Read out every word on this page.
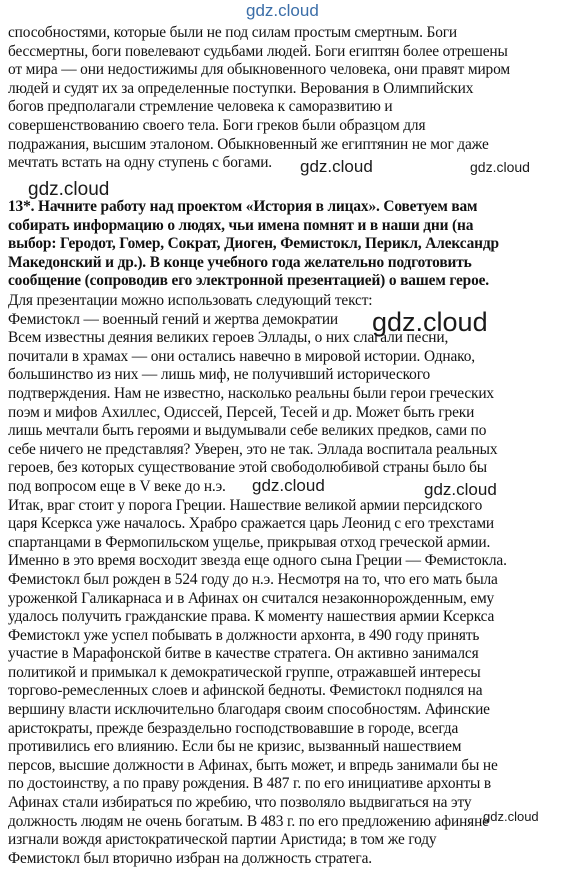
gdz.cloud
способностями, которые были не под силам простым смертным. Боги
бессмертны, боги повелевают судьбами людей. Боги египтян более отрешены
от мира — они недостижимы для обыкновенного человека, они правят миром
людей и судят их за определенные поступки. Верования в Олимпийских
богов предполагали стремление человека к саморазвитию и
совершенствованию своего тела. Боги греков были образцом для
подражания, высшим эталоном. Обыкновенный же египтянин не мог даже
мечтать встать на одну ступень с богами.
13*. Начните работу над проектом «История в лицах». Советуем вам
собирать информацию о людях, чьи имена помнят и в наши дни (на
выбор: Геродот, Гомер, Сократ, Диоген, Фемистокл, Перикл, Александр
Македонский и др.). В конце учебного года желательно подготовить
сообщение (сопроводив его электронной презентацией) о вашем герое.
Для презентации можно использовать следующий текст:
Фемистокл — военный гений и жертва демократии
Всем известны деяния великих героев Эллады, о них слагали песни,
почитали в храмах — они остались навечно в мировой истории. Однако,
большинство из них — лишь миф, не получивший исторического
подтверждения. Нам не известно, насколько реальны были герои греческих
поэм и мифов Ахиллес, Одиссей, Персей, Тесей и др. Может быть греки
лишь мечтали быть героями и выдумывали себе великих предков, сами по
себе ничего не представляя? Уверен, это не так. Эллада воспитала реальных
героев, без которых существование этой свободолюбивой страны было бы
под вопросом еще в V веке до н.э.
Итак, враг стоит у порога Греции. Нашествие великой армии персидского
царя Ксеркса уже началось. Храбро сражается царь Леонид с его трехстами
спартанцами в Фермопильском ущелье, прикрывая отход греческой армии.
Именно в это время восходит звезда еще одного сына Греции — Фемистокла.
Фемистокл был рожден в 524 году до н.э. Несмотря на то, что его мать была
уроженкой Галикарнаса и в Афинах он считался незаконнорожденным, ему
удалось получить гражданские права. К моменту нашествия армии Ксеркса
Фемистокл уже успел побывать в должности архонта, в 490 году принять
участие в Марафонской битве в качестве стратега. Он активно занимался
политикой и примыкал к демократической группе, отражавшей интересы
торгово-ремесленных слоев и афинской бедноты. Фемистокл поднялся на
вершину власти исключительно благодаря своим способностям. Афинские
аристократы, прежде безраздельно господствовавшие в городе, всегда
противились его влиянию. Если бы не кризис, вызванный нашествием
персов, высшие должности в Афинах, быть может, и впредь занимали бы не
по достоинству, а по праву рождения. В 487 г. по его инициативе архонты в
Афинах стали избираться по жребию, что позволяло выдвигаться на эту
должность людям не очень богатым. В 483 г. по его предложению афиняне
изгнали вождя аристократической партии Аристида; в том же году
Фемистокл был вторично избран на должность стратега.
gdz.cloud	gdz.cloud
gdz.cloud
gdz.cloud
gdz.cloud	gdz.cloud
gdz.cloud
